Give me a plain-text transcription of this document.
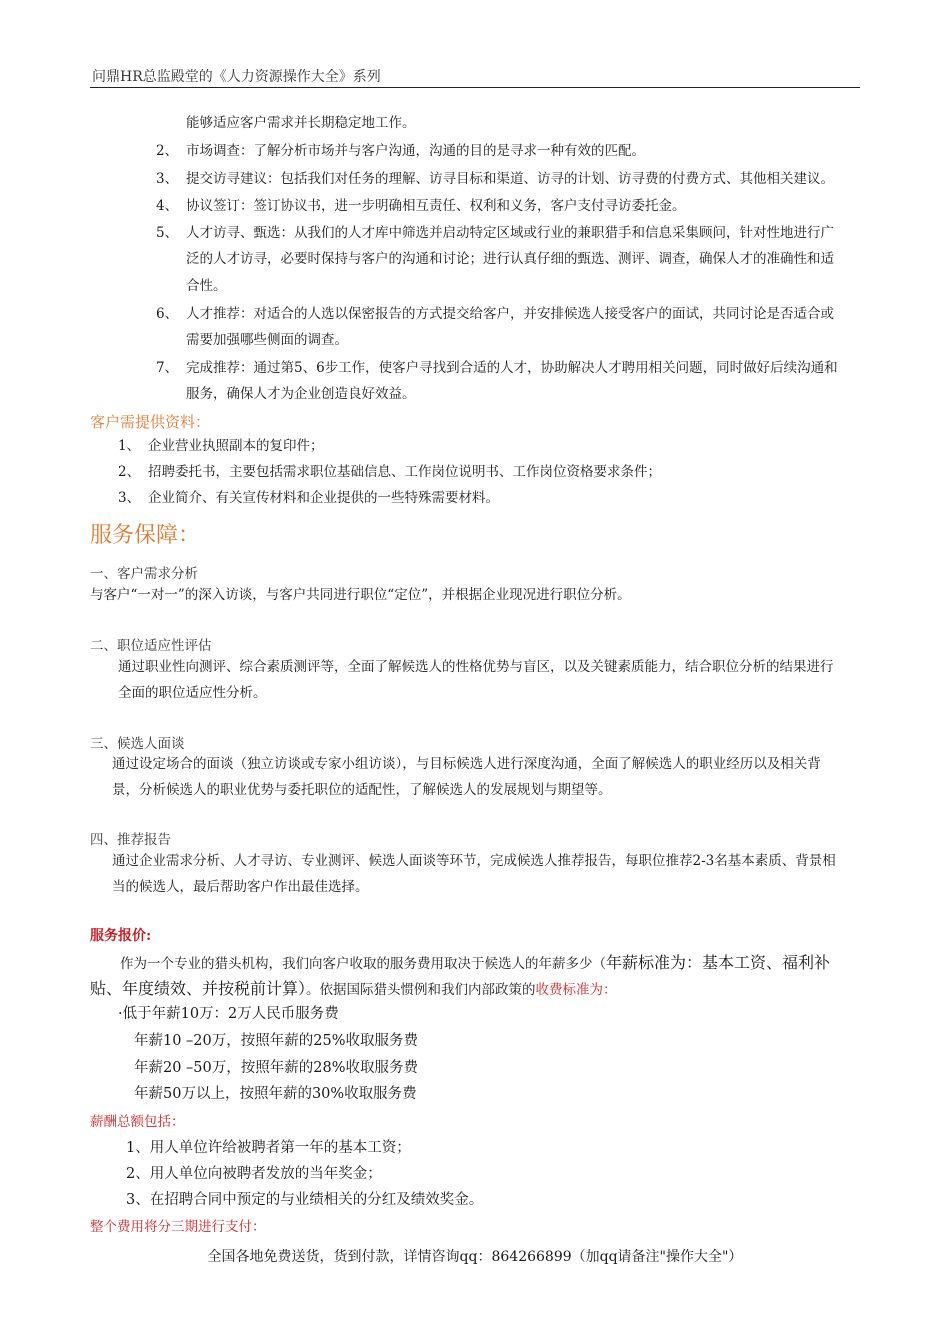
问鼎HR总监殿堂的《人力资源操作大全》系列
能够适应客户需求并长期稳定地工作。
2、 市场调查：了解分析市场并与客户沟通，沟通的目的是寻求一种有效的匹配。
3、 提交访寻建议：包括我们对任务的理解、访寻目标和渠道、访寻的计划、访寻费的付费方式、其他相关建议。
4、 协议签订：签订协议书，进一步明确相互责任、权利和义务，客户支付寻访委托金。
5、 人才访寻、甄选：从我们的人才库中筛选并启动特定区域或行业的兼职猎手和信息采集顾问，针对性地进行广
泛的人才访寻，必要时保持与客户的沟通和讨论；进行认真仔细的甄选、测评、调查，确保人才的准确性和适
合性。
6、 人才推荐：对适合的人选以保密报告的方式提交给客户，并安排候选人接受客户的面试，共同讨论是否适合或
需要加强哪些侧面的调查。
7、 完成推荐：通过第5、6步工作，使客户寻找到合适的人才，协助解决人才聘用相关问题，同时做好后续沟通和
服务，确保人才为企业创造良好效益。
客户需提供资料：
1、 企业营业执照副本的复印件；
2、 招聘委托书，主要包括需求职位基础信息、工作岗位说明书、工作岗位资格要求条件；
3、 企业简介、有关宣传材料和企业提供的一些特殊需要材料。
服务保障：
一、客户需求分析
与客户“一对一”的深入访谈，与客户共同进行职位“定位”，并根据企业现况进行职位分析。
二、职位适应性评估
通过职业性向测评、综合素质测评等，全面了解候选人的性格优势与盲区，以及关键素质能力，结合职位分析的结果进行
全面的职位适应性分析。
三、候选人面谈
通过设定场合的面谈（独立访谈或专家小组访谈），与目标候选人进行深度沟通，全面了解候选人的职业经历以及相关背
景，分析候选人的职业优势与委托职位的适配性，了解候选人的发展规划与期望等。
四、推荐报告
通过企业需求分析、人才寻访、专业测评、候选人面谈等环节，完成候选人推荐报告，每职位推荐2-3名基本素质、背景相
当的候选人，最后帮助客户作出最佳选择。
服务报价:
作为一个专业的猎头机构，我们向客户收取的服务费用取决于候选人的年薪多少（年薪标准为：基本工资、福利补
贴、年度绩效、并按税前计算）。依据国际猎头惯例和我们内部政策的收费标准为：
·低于年薪10万：2万人民币服务费
年薪10 –20万，按照年薪的25%收取服务费
年薪20 –50万，按照年薪的28%收取服务费
年薪50万以上，按照年薪的30%收取服务费
薪酬总额包括：
1、用人单位许给被聘者第一年的基本工资；
2、用人单位向被聘者发放的当年奖金；
3、在招聘合同中预定的与业绩相关的分红及绩效奖金。
整个费用将分三期进行支付：
全国各地免费送货，货到付款，详情咨询qq：864266899（加qq请备注"操作大全"）
